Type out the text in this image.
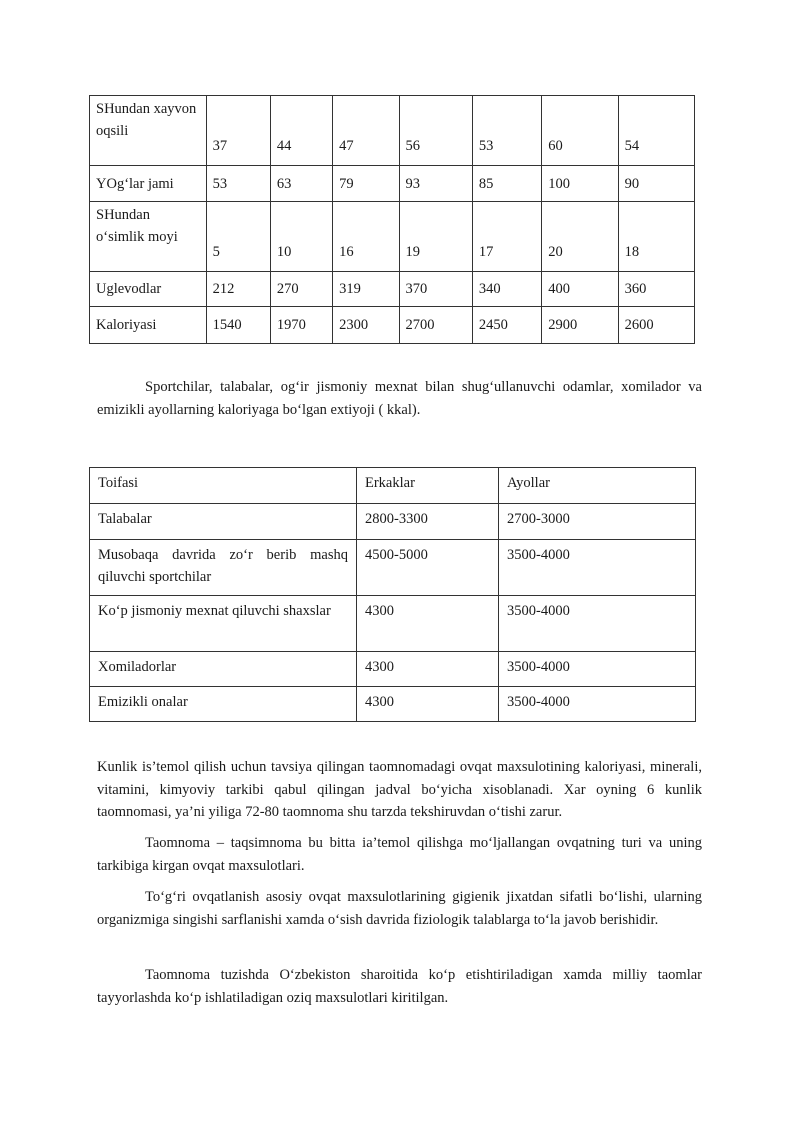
SHundan xayvon oqsili	37	44	47	56	53	60	54
YOg‘lar jami	53	63	79	93	85	100	90
SHundan o‘simlik moyi	5	10	16	19	17	20	18
Uglevodlar	212	270	319	370	340	400	360
Kaloriyasi	1540	1970	2300	2700	2450	2900	2600

Sportchilar, talabalar, og‘ir jismoniy mexnat bilan shug‘ullanuvchi odamlar, xomilador va emizikli ayollarning kaloriyaga bo‘lgan extiyoji ( kkal).

Toifasi	Erkaklar	Ayollar
Talabalar	2800-3300	2700-3000
Musobaqa davrida zo‘r berib mashq qiluvchi sportchilar	4500-5000	3500-4000
Ko‘p jismoniy mexnat qiluvchi shaxslar	4300	3500-4000
Xomiladorlar	4300	3500-4000
Emizikli onalar	4300	3500-4000

Kunlik is’temol qilish uchun tavsiya qilingan taomnomadagi ovqat maxsulotining kaloriyasi, minerali, vitamini, kimyoviy tarkibi qabul qilingan jadval bo‘yicha xisoblanadi. Xar oyning 6 kunlik taomnomasi, ya’ni yiliga 72-80 taomnoma shu tarzda tekshiruvdan o‘tishi zarur.

Taomnoma – taqsimnoma bu bitta ia’temol qilishga mo‘ljallangan ovqatning turi va uning tarkibiga kirgan ovqat maxsulotlari.

To‘g‘ri ovqatlanish asosiy ovqat maxsulotlarining gigienik jixatdan sifatli bo‘lishi, ularning organizmiga singishi sarflanishi xamda o‘sish davrida fiziologik talablarga to‘la javob berishidir.

Taomnoma tuzishda O‘zbekiston sharoitida ko‘p etishtiriladigan xamda milliy taomlar tayyorlashda ko‘p ishlatiladigan oziq maxsulotlari kiritilgan.
